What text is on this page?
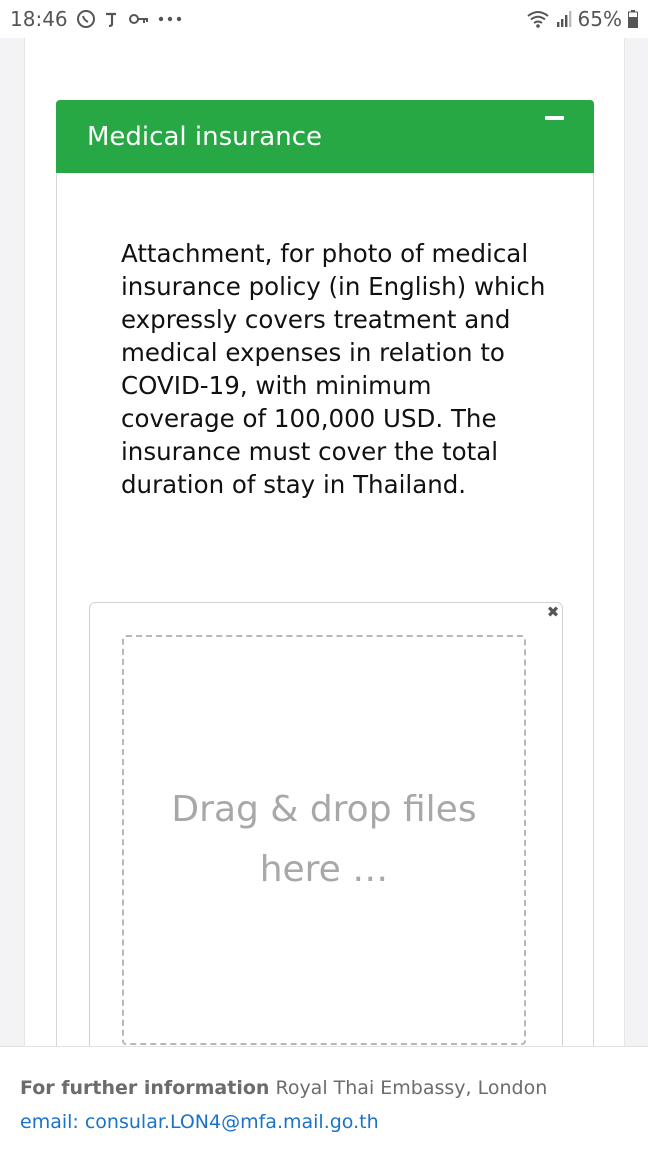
18:46	65%
Medical insurance
Attachment, for photo of medical insurance policy (in English) which expressly covers treatment and medical expenses in relation to COVID-19, with minimum coverage of 100,000 USD. The insurance must cover the total duration of stay in Thailand.
✖
Drag & drop files here …
For further information Royal Thai Embassy, London
email: consular.LON4@mfa.mail.go.th
